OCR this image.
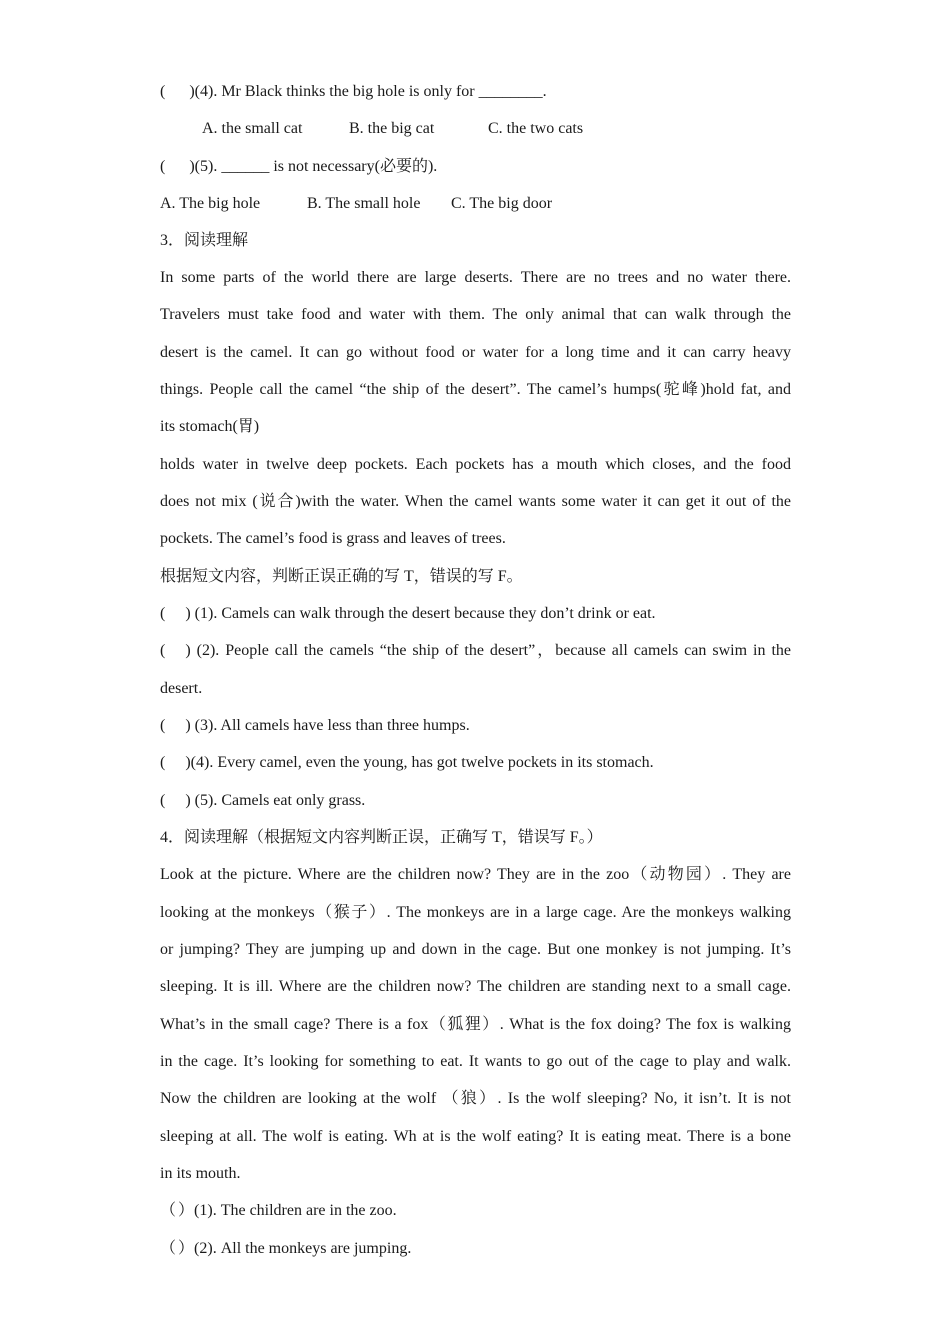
( )(4). Mr Black thinks the big hole is only for ________.
A. the small cat	B. the big cat	C. the two cats
( )(5). ______ is not necessary(必要的).
A. The big hole	B. The small hole C. The big door
3．阅读理解
In some parts of the world there are large deserts. There are no trees and no water there.
Travelers must take food and water with them. The only animal that can walk through the
desert is the camel. It can go without food or water for a long time and it can carry heavy
things. People call the camel “the ship of the desert”. The camel’s humps(驼峰)hold fat, and
its stomach(胃)
holds water in twelve deep pockets. Each pockets has a mouth which closes, and the food
does not mix (说合)with the water. When the camel wants some water it can get it out of the
pockets. The camel’s food is grass and leaves of trees.
根据短文内容，判断正误正确的写 T，错误的写 F。
( ) (1). Camels can walk through the desert because they don’t drink or eat.
( ) (2). People call the camels “the ship of the desert”，because all camels can swim in the
desert.
( ) (3). All camels have less than three humps.
( )(4). Every camel, even the young, has got twelve pockets in its stomach.
( ) (5). Camels eat only grass.
4．阅读理解（根据短文内容判断正误，正确写 T，错误写 F。）
Look at the picture. Where are the children now? They are in the zoo（动物园）. They are
looking at the monkeys（猴子）. The monkeys are in a large cage. Are the monkeys walking
or jumping? They are jumping up and down in the cage. But one monkey is not jumping. It’s
sleeping. It is ill. Where are the children now? The children are standing next to a small cage.
What’s in the small cage? There is a fox（狐狸）. What is the fox doing? The fox is walking
in the cage. It’s looking for something to eat. It wants to go out of the cage to play and walk.
Now the children are looking at the wolf （狼）. Is the wolf sleeping? No, it isn’t. It is not
sleeping at all. The wolf is eating. Wh at is the wolf eating? It is eating meat. There is a bone
in its mouth.
（ ）(1). The children are in the zoo.
（ ）(2). All the monkeys are jumping.
